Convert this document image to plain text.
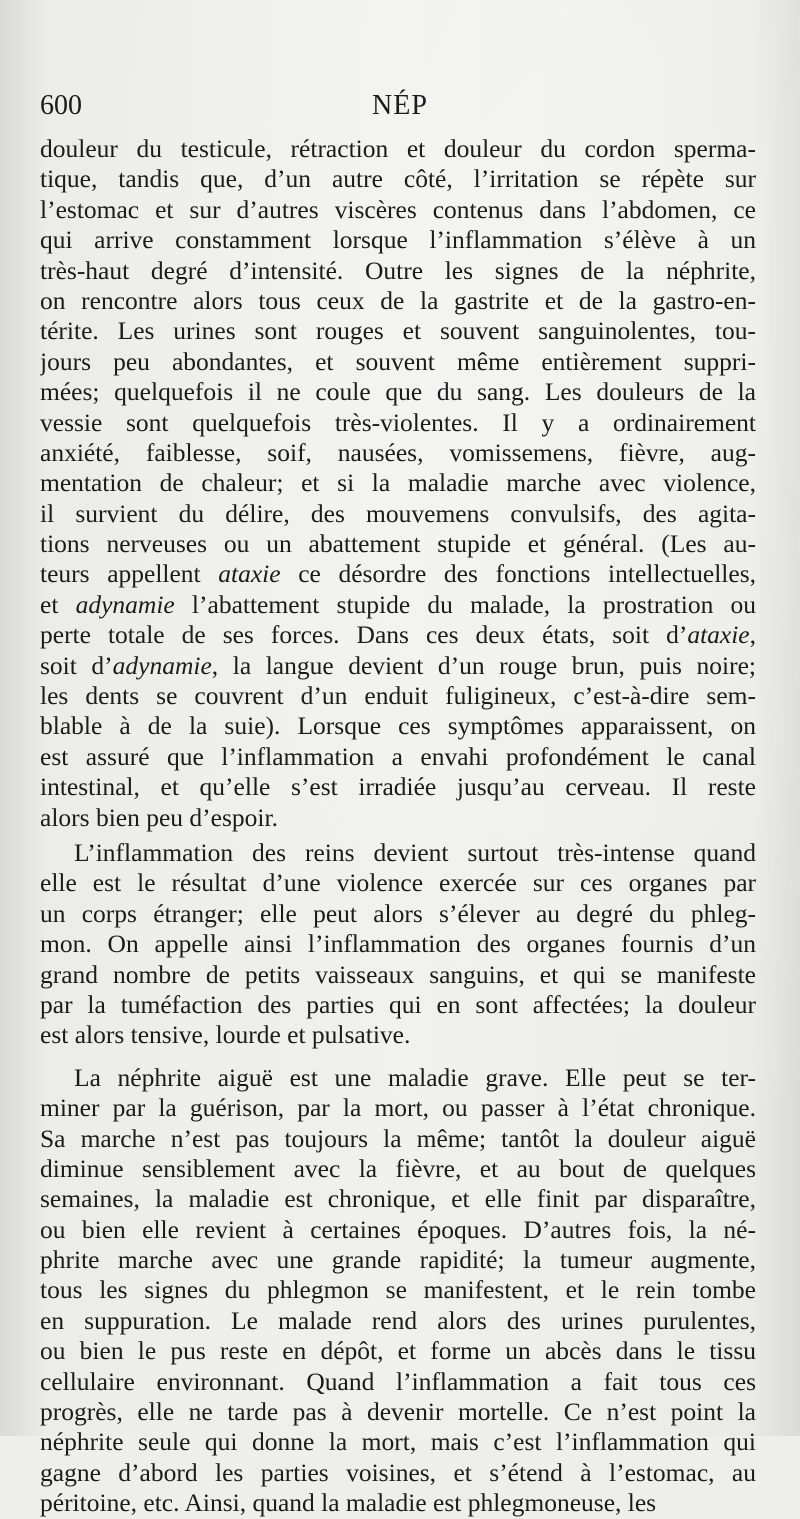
600	NÉP
douleur du testicule, rétraction et douleur du cordon sperma-
tique, tandis que, d’un autre côté, l’irritation se répète sur
l’estomac et sur d’autres viscères contenus dans l’abdomen, ce
qui arrive constamment lorsque l’inflammation s’élève à un
très-haut degré d’intensité. Outre les signes de la néphrite,
on rencontre alors tous ceux de la gastrite et de la gastro-en-
térite. Les urines sont rouges et souvent sanguinolentes, tou-
jours peu abondantes, et souvent même entièrement suppri-
mées; quelquefois il ne coule que du sang. Les douleurs de la
vessie sont quelquefois très-violentes. Il y a ordinairement
anxiété, faiblesse, soif, nausées, vomissemens, fièvre, aug-
mentation de chaleur; et si la maladie marche avec violence,
il survient du délire, des mouvemens convulsifs, des agita-
tions nerveuses ou un abattement stupide et général. (Les au-
teurs appellent ataxie ce désordre des fonctions intellectuelles,
et adynamie l’abattement stupide du malade, la prostration ou
perte totale de ses forces. Dans ces deux états, soit d’ataxie,
soit d’adynamie, la langue devient d’un rouge brun, puis noire;
les dents se couvrent d’un enduit fuligineux, c’est-à-dire sem-
blable à de la suie). Lorsque ces symptômes apparaissent, on
est assuré que l’inflammation a envahi profondément le canal
intestinal, et qu’elle s’est irradiée jusqu’au cerveau. Il reste
alors bien peu d’espoir.
L’inflammation des reins devient surtout très-intense quand
elle est le résultat d’une violence exercée sur ces organes par
un corps étranger; elle peut alors s’élever au degré du phleg-
mon. On appelle ainsi l’inflammation des organes fournis d’un
grand nombre de petits vaisseaux sanguins, et qui se manifeste
par la tuméfaction des parties qui en sont affectées; la douleur
est alors tensive, lourde et pulsative.
La néphrite aiguë est une maladie grave. Elle peut se ter-
miner par la guérison, par la mort, ou passer à l’état chronique.
Sa marche n’est pas toujours la même; tantôt la douleur aiguë
diminue sensiblement avec la fièvre, et au bout de quelques
semaines, la maladie est chronique, et elle finit par disparaître,
ou bien elle revient à certaines époques. D’autres fois, la né-
phrite marche avec une grande rapidité; la tumeur augmente,
tous les signes du phlegmon se manifestent, et le rein tombe
en suppuration. Le malade rend alors des urines purulentes,
ou bien le pus reste en dépôt, et forme un abcès dans le tissu
cellulaire environnant. Quand l’inflammation a fait tous ces
progrès, elle ne tarde pas à devenir mortelle. Ce n’est point la
néphrite seule qui donne la mort, mais c’est l’inflammation qui
gagne d’abord les parties voisines, et s’étend à l’estomac, au
péritoine, etc. Ainsi, quand la maladie est phlegmoneuse, les
